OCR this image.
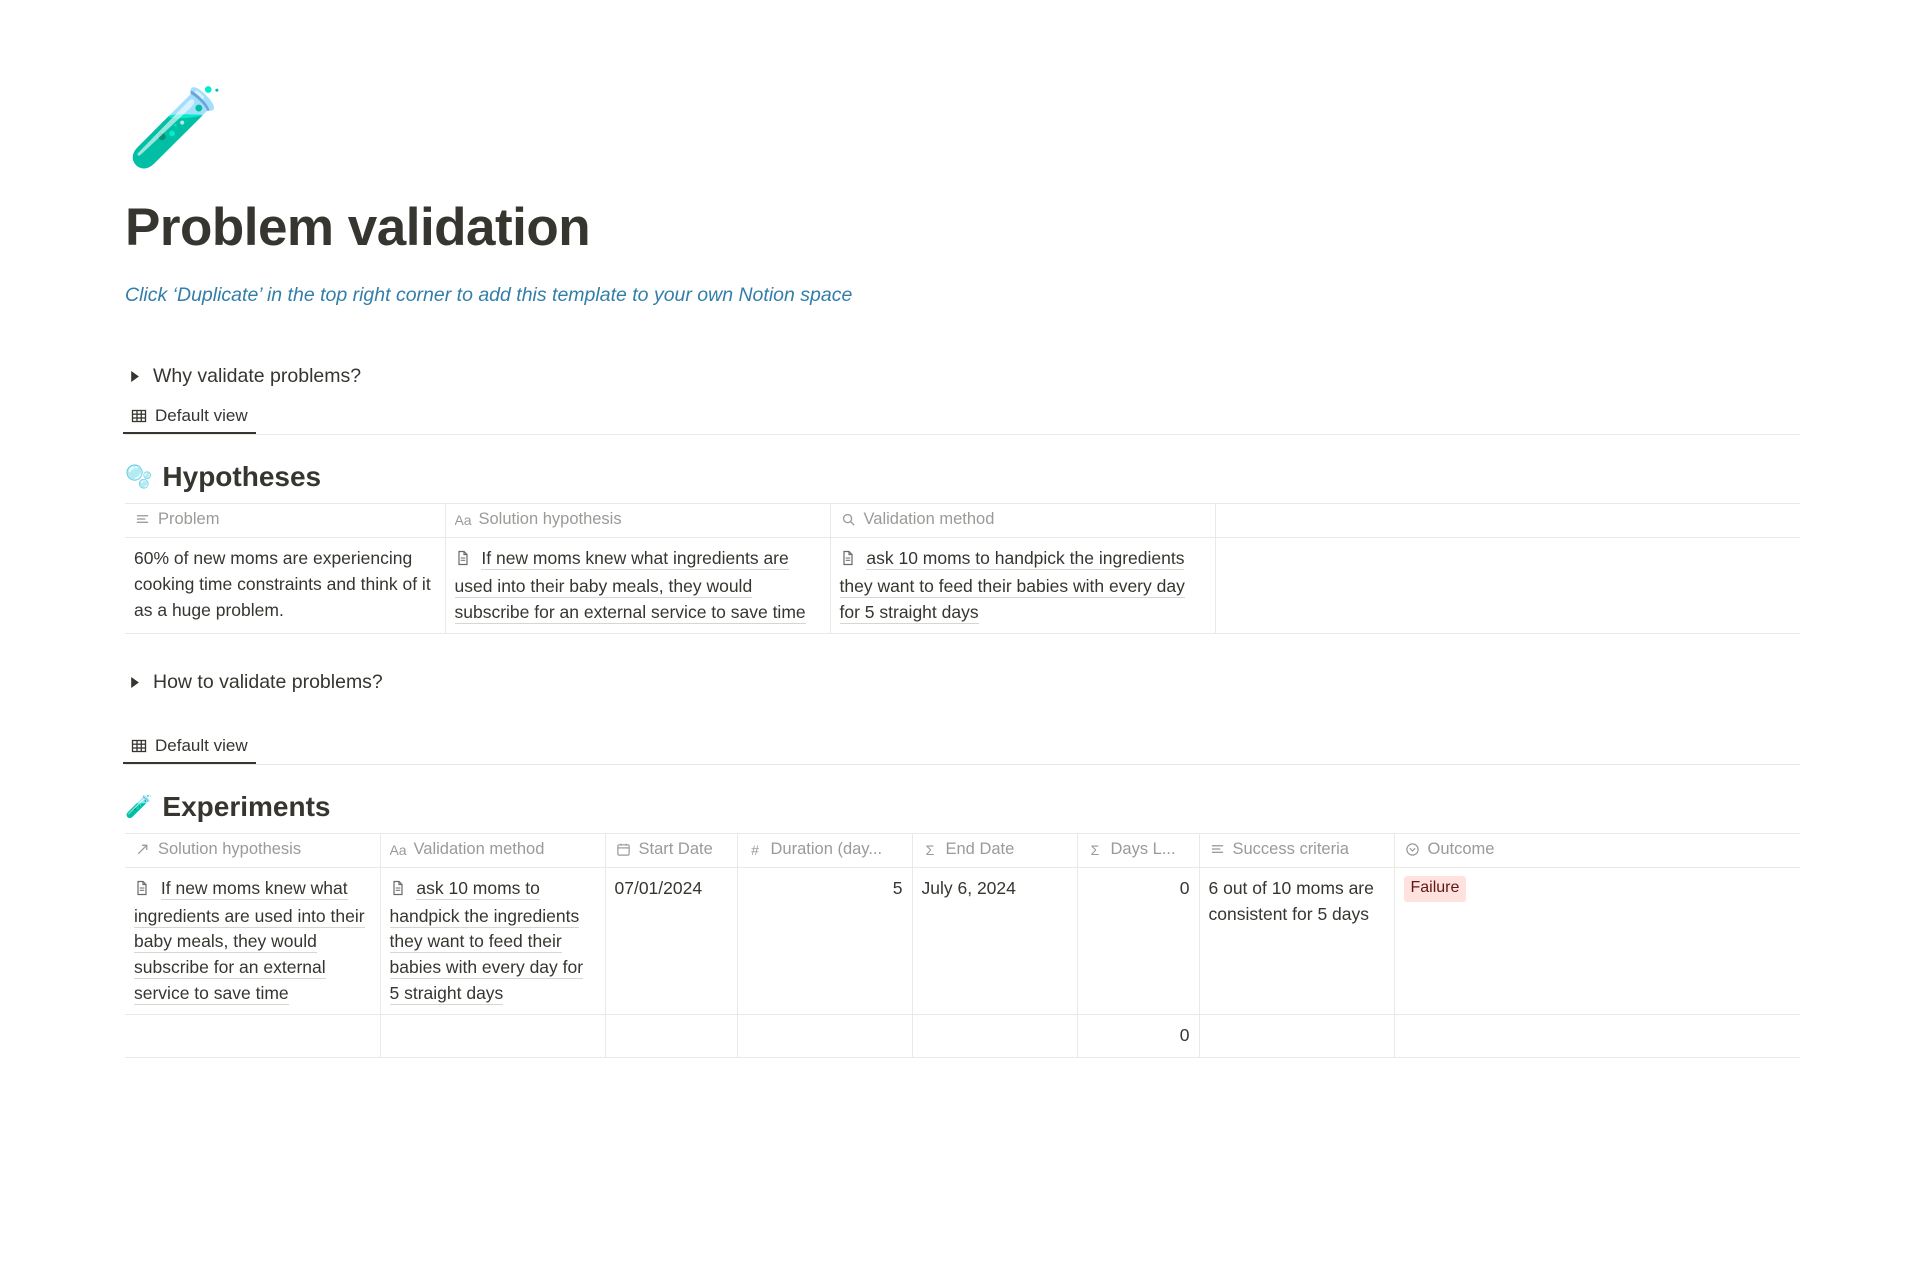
🧪
Problem validation
Click ‘Duplicate’ in the top right corner to add this template to your own Notion space
Why validate problems?
Default view
🫧 Hypotheses
Problem	Aa Solution hypothesis	Validation method	

60% of new moms are experiencing cooking time constraints and think of it as a huge problem.	If new moms knew what ingredients are used into their baby meals, they would subscribe for an external service to save time	ask 10 moms to handpick the ingredients they want to feed their babies with every day for 5 straight days	

How to validate problems?
Default view
🧪 Experiments
Solution hypothesis	Aa Validation method	Start Date	# Duration (day...	Σ End Date	Σ Days L...	Success criteria	Outcome

If new moms knew what ingredients are used into their baby meals, they would subscribe for an external service to save time	ask 10 moms to handpick the ingredients they want to feed their babies with every day for 5 straight days	07/01/2024	5	July 6, 2024	0	6 out of 10 moms are consistent for 5 days	Failure

					0		
